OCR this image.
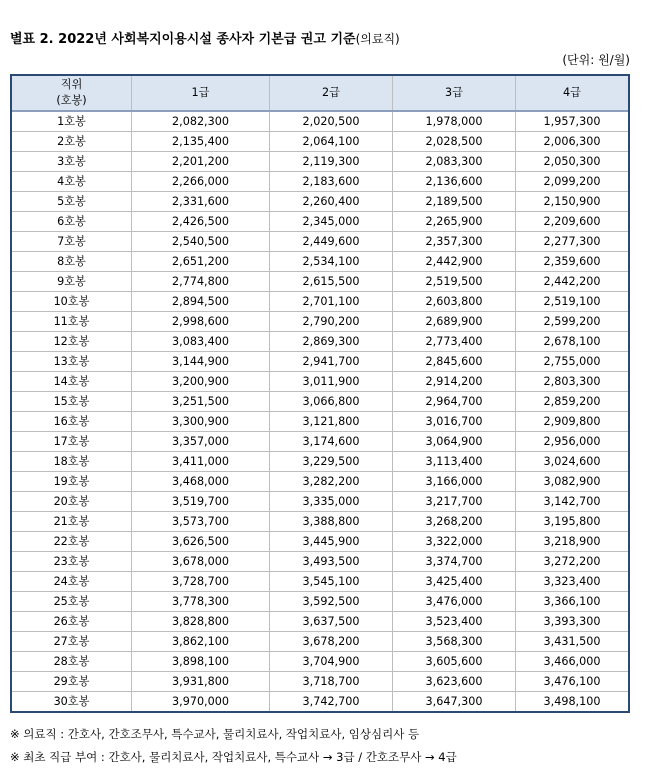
별표 2. 2022년 사회복지이용시설 종사자 기본급 권고 기준(의료직)
(단위: 원/월)
직위
(호봉)	1급	2급	3급	4급
1호봉	2,082,300	2,020,500	1,978,000	1,957,300
2호봉	2,135,400	2,064,100	2,028,500	2,006,300
3호봉	2,201,200	2,119,300	2,083,300	2,050,300
4호봉	2,266,000	2,183,600	2,136,600	2,099,200
5호봉	2,331,600	2,260,400	2,189,500	2,150,900
6호봉	2,426,500	2,345,000	2,265,900	2,209,600
7호봉	2,540,500	2,449,600	2,357,300	2,277,300
8호봉	2,651,200	2,534,100	2,442,900	2,359,600
9호봉	2,774,800	2,615,500	2,519,500	2,442,200
10호봉	2,894,500	2,701,100	2,603,800	2,519,100
11호봉	2,998,600	2,790,200	2,689,900	2,599,200
12호봉	3,083,400	2,869,300	2,773,400	2,678,100
13호봉	3,144,900	2,941,700	2,845,600	2,755,000
14호봉	3,200,900	3,011,900	2,914,200	2,803,300
15호봉	3,251,500	3,066,800	2,964,700	2,859,200
16호봉	3,300,900	3,121,800	3,016,700	2,909,800
17호봉	3,357,000	3,174,600	3,064,900	2,956,000
18호봉	3,411,000	3,229,500	3,113,400	3,024,600
19호봉	3,468,000	3,282,200	3,166,000	3,082,900
20호봉	3,519,700	3,335,000	3,217,700	3,142,700
21호봉	3,573,700	3,388,800	3,268,200	3,195,800
22호봉	3,626,500	3,445,900	3,322,000	3,218,900
23호봉	3,678,000	3,493,500	3,374,700	3,272,200
24호봉	3,728,700	3,545,100	3,425,400	3,323,400
25호봉	3,778,300	3,592,500	3,476,000	3,366,100
26호봉	3,828,800	3,637,500	3,523,400	3,393,300
27호봉	3,862,100	3,678,200	3,568,300	3,431,500
28호봉	3,898,100	3,704,900	3,605,600	3,466,000
29호봉	3,931,800	3,718,700	3,623,600	3,476,100
30호봉	3,970,000	3,742,700	3,647,300	3,498,100
※ 의료직 : 간호사, 간호조무사, 특수교사, 물리치료사, 작업치료사, 임상심리사 등
※ 최초 직급 부여 : 간호사, 물리치료사, 작업치료사, 특수교사 → 3급 / 간호조무사 → 4급
